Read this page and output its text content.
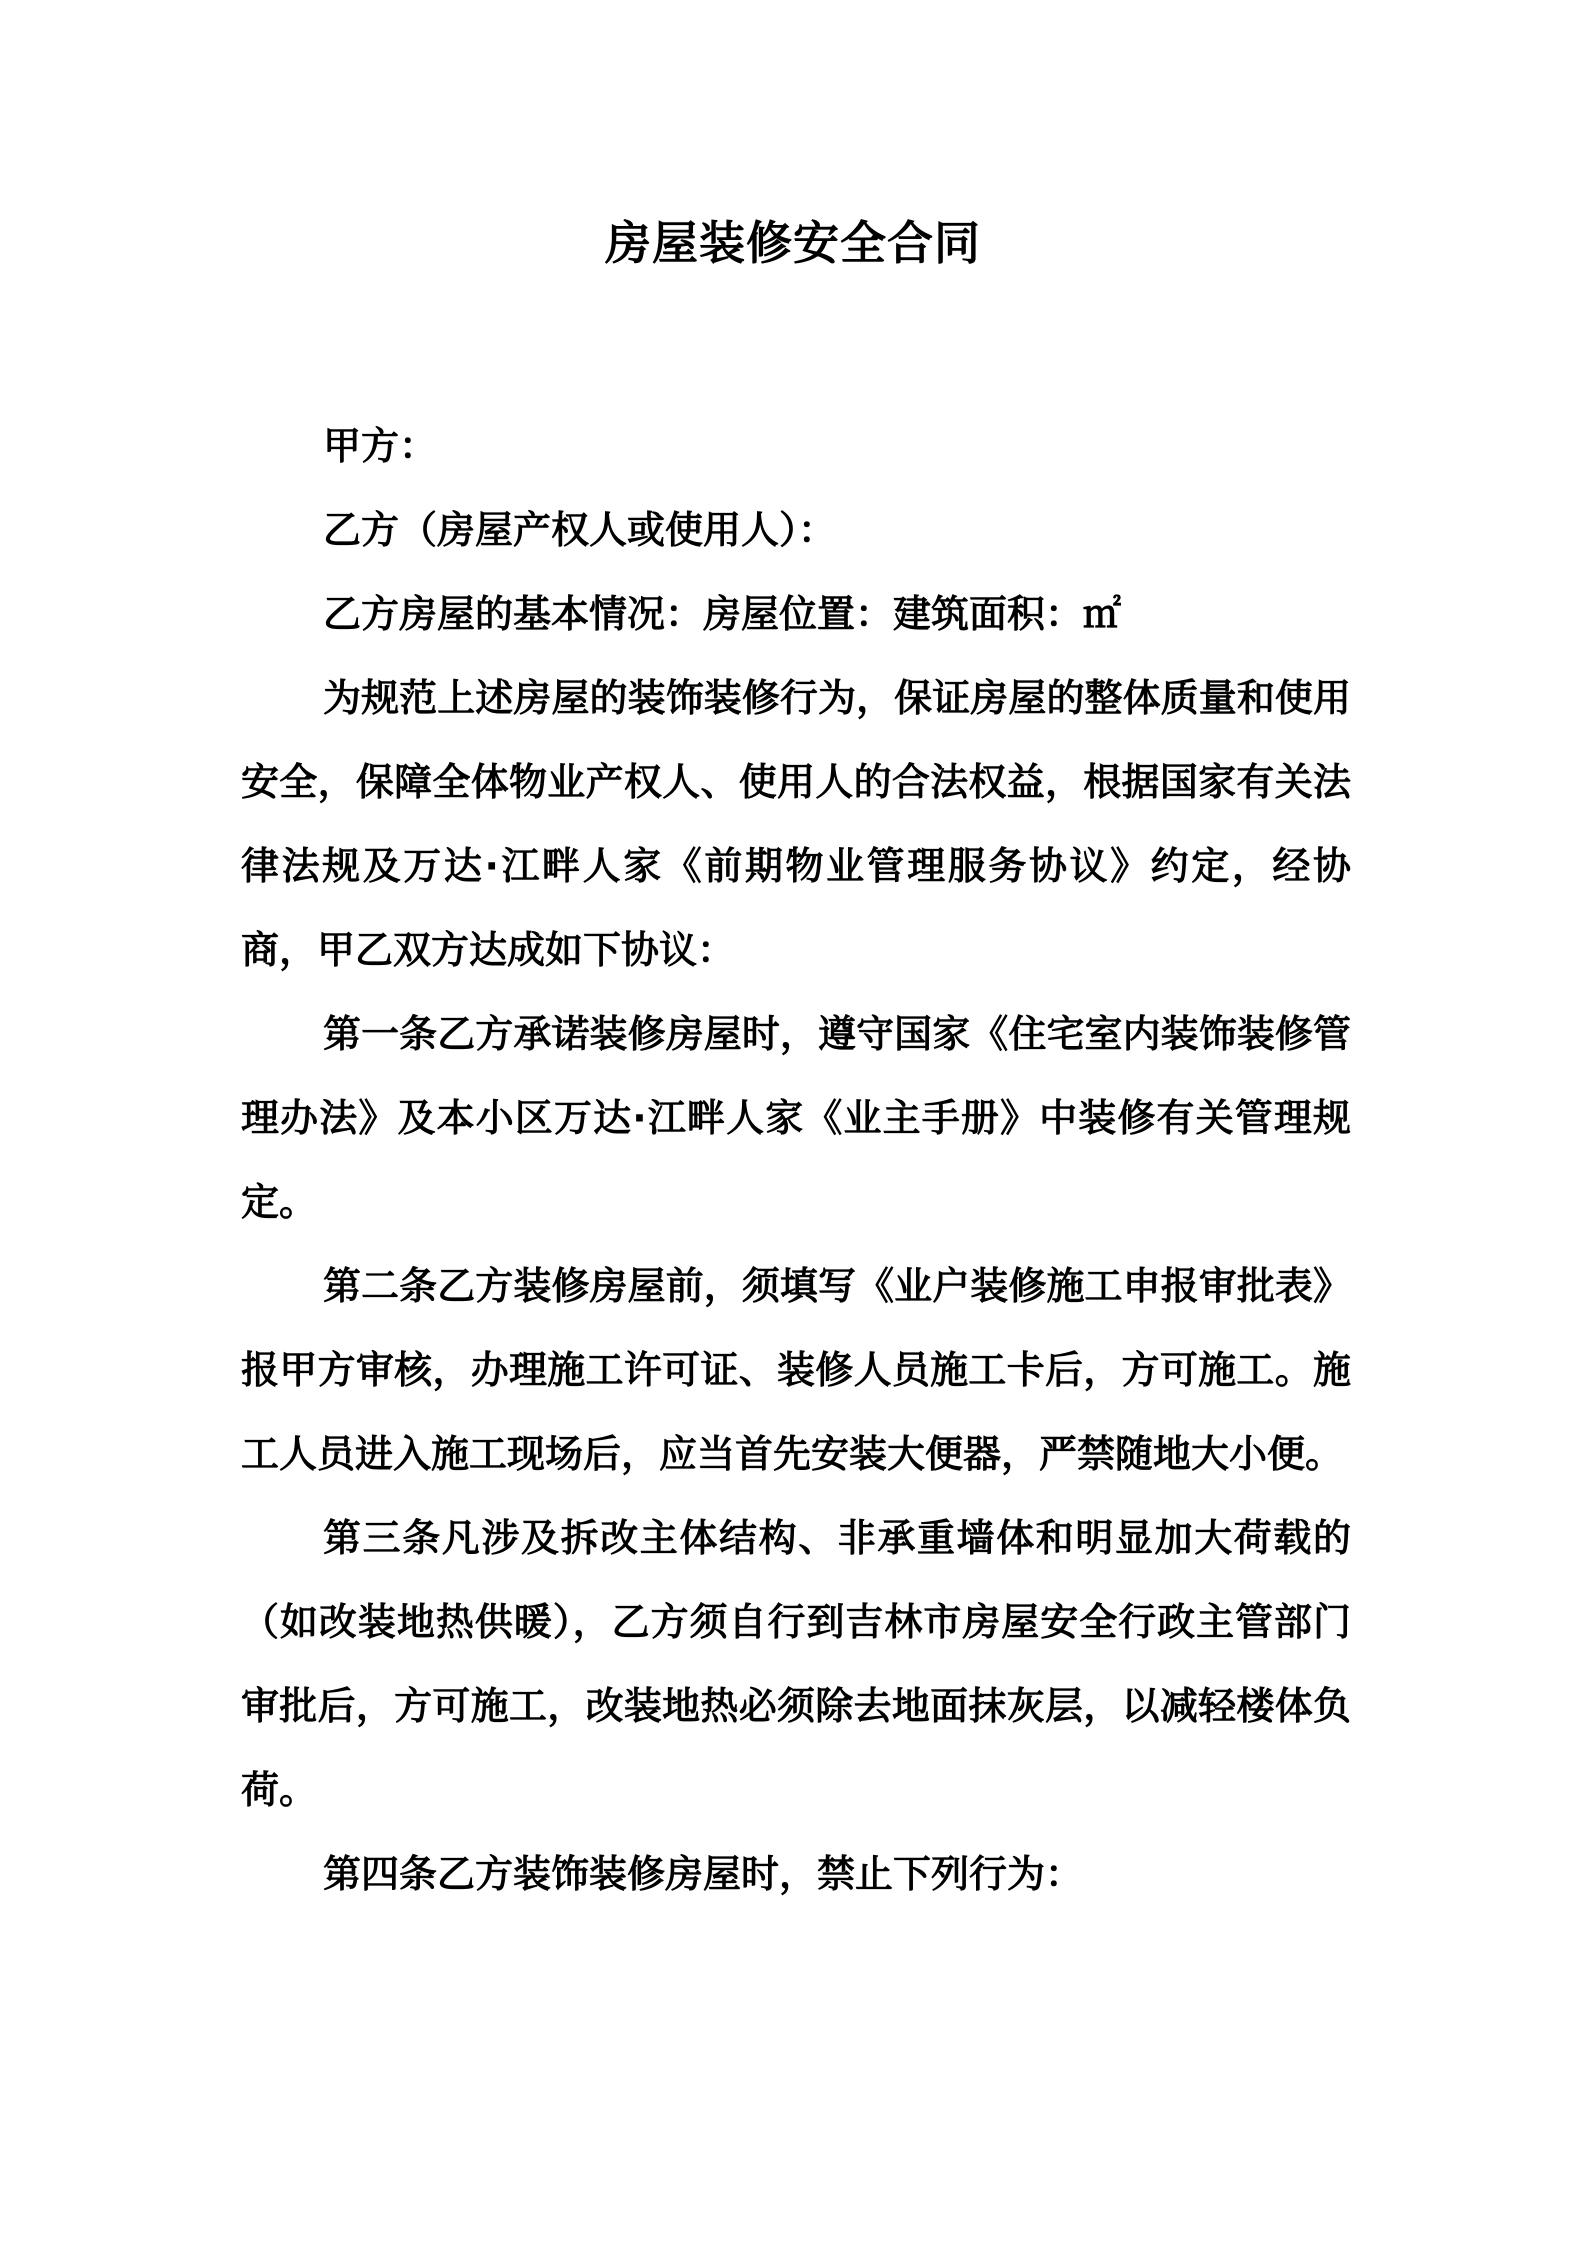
房屋装修安全合同

甲方：

乙方（房屋产权人或使用人）：

乙方房屋的基本情况：房屋位置：建筑面积：㎡

为规范上述房屋的装饰装修行为，保证房屋的整体质量和使用安全，保障全体物业产权人、使用人的合法权益，根据国家有关法律法规及万达·江畔人家《前期物业管理服务协议》约定，经协商，甲乙双方达成如下协议：

第一条乙方承诺装修房屋时，遵守国家《住宅室内装饰装修管理办法》及本小区万达·江畔人家《业主手册》中装修有关管理规定。

第二条乙方装修房屋前，须填写《业户装修施工申报审批表》报甲方审核，办理施工许可证、装修人员施工卡后，方可施工。施工人员进入施工现场后，应当首先安装大便器，严禁随地大小便。

第三条凡涉及拆改主体结构、非承重墙体和明显加大荷载的（如改装地热供暖），乙方须自行到吉林市房屋安全行政主管部门审批后，方可施工，改装地热必须除去地面抹灰层，以减轻楼体负荷。

第四条乙方装饰装修房屋时，禁止下列行为：
